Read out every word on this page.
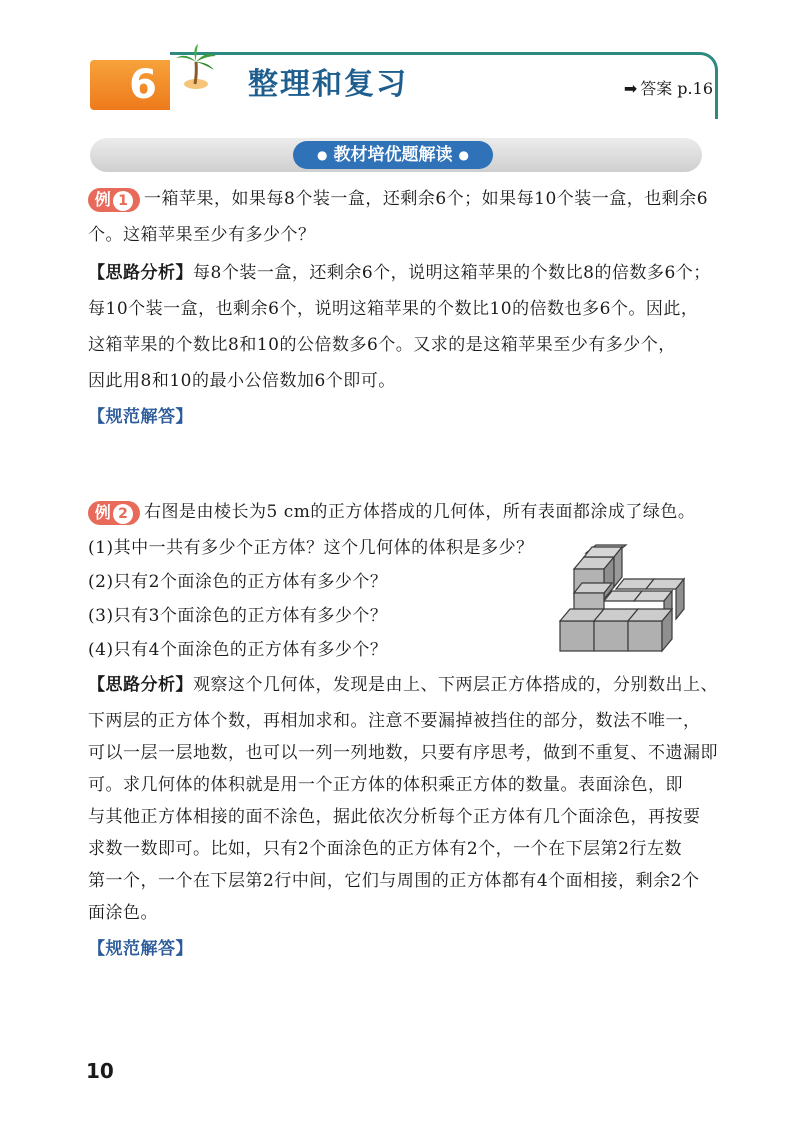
6	整理和复习	➡ 答案 p.16
● 教材培优题解读 ●
例 1 一箱苹果，如果每8个装一盒，还剩余6个；如果每10个装一盒，也剩余6
个。这箱苹果至少有多少个？
【思路分析】每8个装一盒，还剩余6个，说明这箱苹果的个数比8的倍数多6个；
每10个装一盒，也剩余6个，说明这箱苹果的个数比10的倍数也多6个。因此，
这箱苹果的个数比8和10的公倍数多6个。又求的是这箱苹果至少有多少个，
因此用8和10的最小公倍数加6个即可。
【规范解答】
例 2 右图是由棱长为5 cm的正方体搭成的几何体，所有表面都涂成了绿色。
(1)其中一共有多少个正方体？这个几何体的体积是多少？
(2)只有2个面涂色的正方体有多少个？
(3)只有3个面涂色的正方体有多少个？
(4)只有4个面涂色的正方体有多少个？
【思路分析】观察这个几何体，发现是由上、下两层正方体搭成的，分别数出上、
下两层的正方体个数，再相加求和。注意不要漏掉被挡住的部分，数法不唯一，
可以一层一层地数，也可以一列一列地数，只要有序思考，做到不重复、不遗漏即
可。求几何体的体积就是用一个正方体的体积乘正方体的数量。表面涂色，即
与其他正方体相接的面不涂色，据此依次分析每个正方体有几个面涂色，再按要
求数一数即可。比如，只有2个面涂色的正方体有2个，一个在下层第2行左数
第一个，一个在下层第2行中间，它们与周围的正方体都有4个面相接，剩余2个
面涂色。
【规范解答】
10
